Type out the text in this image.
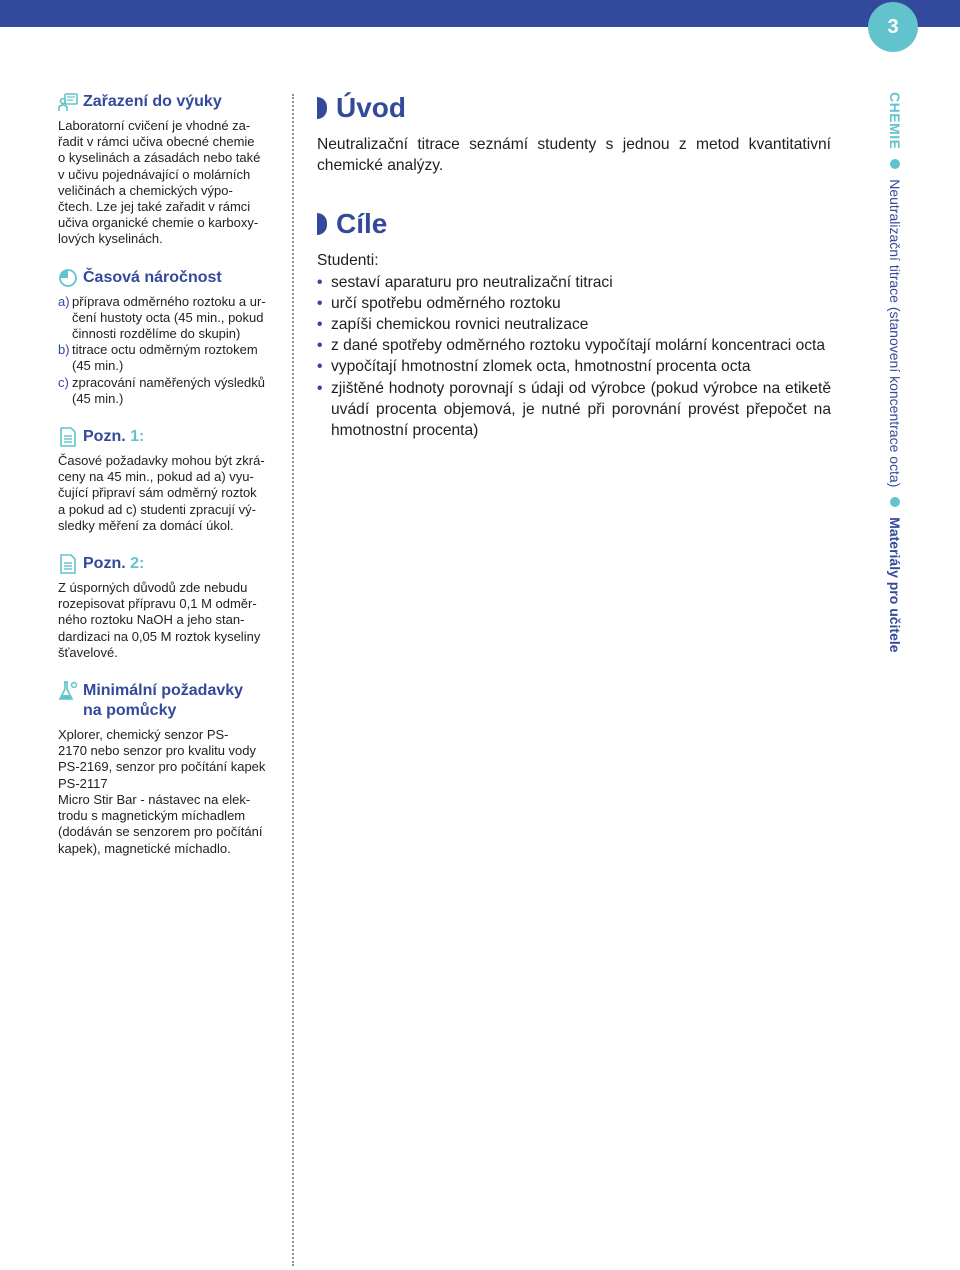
3
Zařazení do výuky
Laboratorní cvičení je vhodné za-
řadit v rámci učiva obecné chemie
o kyselinách a zásadách nebo také
v učivu pojednávající o molárních
veličinách a chemických výpo-
čtech. Lze jej také zařadit v rámci
učiva organické chemie o karboxy-
lových kyselinách.
Časová náročnost
a) příprava odměrného roztoku a ur-
čení hustoty octa (45 min., pokud
činnosti rozdělíme do skupin)
b) titrace octu odměrným roztokem
(45 min.)
c) zpracování naměřených výsledků
(45 min.)
Pozn.
1:
Časové požadavky mohou být zkrá-
ceny na 45 min., pokud ad a) vyu-
čující připraví sám odměrný roztok
a pokud ad c) studenti zpracují vý-
sledky měření za domácí úkol.
Pozn.
2:
Z úsporných důvodů zde nebudu
rozepisovat přípravu 0,1 M odměr-
ného roztoku NaOH a jeho stan-
dardizaci na 0,05 M roztok kyseliny
šťavelové.
Minimální požadavky
na pomůcky
Xplorer, chemický senzor PS-
2170 nebo senzor pro kvalitu vody
PS-2169, senzor pro počítání kapek
PS-2117
Micro Stir Bar - nástavec na elek-
trodu s magnetickým míchadlem
(dodáván se senzorem pro počítání
kapek), magnetické míchadlo.
Úvod

Neutralizační titrace seznámí studenty s jednou z metod kvantitativní chemické analýzy.

Cíle

Studenti:

• sestaví aparaturu pro neutralizační titraci
• určí spotřebu odměrného roztoku
• zapíši chemickou rovnici neutralizace
• z dané spotřeby odměrného roztoku vypočítají molární koncentraci octa
• vypočítají hmotnostní zlomek octa, hmotnostní procenta octa
• zjištěné hodnoty porovnají s údaji od výrobce (pokud výrobce na etiketě uvádí procenta objemová, je nutné při porovnání provést přepočet na hmotnostní procenta)
CHEMIE  Neutralizační titrace (stanovení koncentrace octa)  Materiály pro učitele
